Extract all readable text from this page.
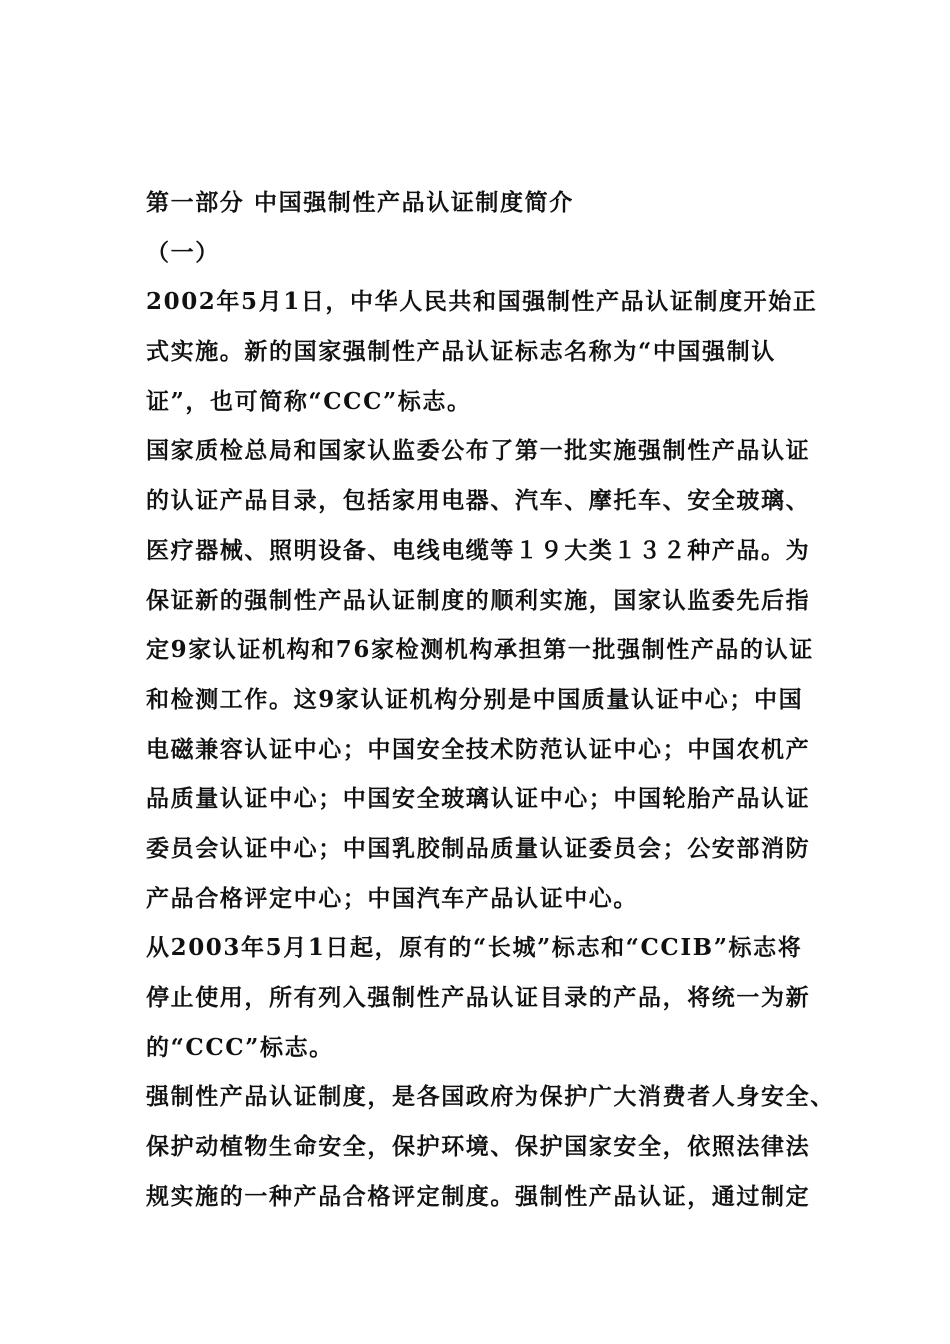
第一部分 中国强制性产品认证制度简介
（一）
2002年5月1日，中华人民共和国强制性产品认证制度开始正
式实施。新的国家强制性产品认证标志名称为“中国强制认
证”，也可简称“CCC”标志。
国家质检总局和国家认监委公布了第一批实施强制性产品认证
的认证产品目录，包括家用电器、汽车、摩托车、安全玻璃、
医疗器械、照明设备、电线电缆等１９大类１３２种产品。为
保证新的强制性产品认证制度的顺利实施，国家认监委先后指
定9家认证机构和76家检测机构承担第一批强制性产品的认证
和检测工作。这9家认证机构分别是中国质量认证中心；中国
电磁兼容认证中心；中国安全技术防范认证中心；中国农机产
品质量认证中心；中国安全玻璃认证中心；中国轮胎产品认证
委员会认证中心；中国乳胶制品质量认证委员会；公安部消防
产品合格评定中心；中国汽车产品认证中心。
从2003年5月1日起，原有的“长城”标志和“CCIB”标志将
停止使用，所有列入强制性产品认证目录的产品，将统一为新
的“CCC”标志。
强制性产品认证制度，是各国政府为保护广大消费者人身安全、
保护动植物生命安全，保护环境、保护国家安全，依照法律法
规实施的一种产品合格评定制度。强制性产品认证，通过制定
